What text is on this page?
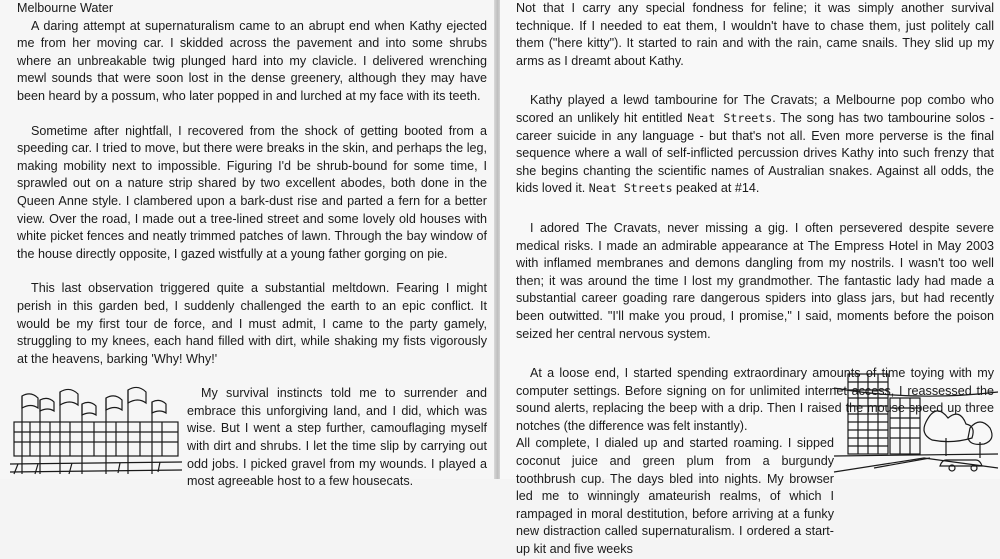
Melbourne Water

A daring attempt at supernaturalism came to an abrupt end when Kathy ejected me from her moving car. I skidded across the pavement and into some shrubs where an unbreakable twig plunged hard into my clavicle. I delivered wrenching mewl sounds that were soon lost in the dense greenery, although they may have been heard by a possum, who later popped in and lurched at my face with its teeth.

Sometime after nightfall, I recovered from the shock of getting booted from a speeding car. I tried to move, but there were breaks in the skin, and perhaps the leg, making mobility next to impossible. Figuring I'd be shrub-bound for some time, I sprawled out on a nature strip shared by two excellent abodes, both done in the Queen Anne style. I clambered upon a bark-dust rise and parted a fern for a better view. Over the road, I made out a tree-lined street and some lovely old houses with white picket fences and neatly trimmed patches of lawn. Through the bay window of the house directly opposite, I gazed wistfully at a young father gorging on pie.

This last observation triggered quite a substantial meltdown. Fearing I might perish in this garden bed, I suddenly challenged the earth to an epic conflict. It would be my first tour de force, and I must admit, I came to the party gamely, struggling to my knees, each hand filled with dirt, while shaking my fists vigorously at the heavens, barking 'Why! Why!'

My survival instincts told me to surrender and embrace this unforgiving land, and I did, which was wise. But I went a step further, camouflaging myself with dirt and shrubs. I let the time slip by carrying out odd jobs. I picked gravel from my wounds. I played a most agreeable host to a few housecats.

Not that I carry any special fondness for feline; it was simply another survival technique. If I needed to eat them, I wouldn't have to chase them, just politely call them ("here kitty"). It started to rain and with the rain, came snails. They slid up my arms as I dreamt about Kathy.

Kathy played a lewd tambourine for The Cravats; a Melbourne pop combo who scored an unlikely hit entitled Neat Streets. The song has two tambourine solos - career suicide in any language - but that's not all. Even more perverse is the final sequence where a wall of self-inflicted percussion drives Kathy into such frenzy that she begins chanting the scientific names of Australian snakes. Against all odds, the kids loved it. Neat Streets peaked at #14.

I adored The Cravats, never missing a gig. I often persevered despite severe medical risks. I made an admirable appearance at The Empress Hotel in May 2003 with inflamed membranes and demons dangling from my nostrils. I wasn't too well then; it was around the time I lost my grandmother. The fantastic lady had made a substantial career goading rare dangerous spiders into glass jars, but had recently been outwitted. "I'll make you proud, I promise," I said, moments before the poison seized her central nervous system.

At a loose end, I started spending extraordinary amounts of time toying with my computer settings. Before signing on for unlimited internet access, I reassessed the sound alerts, replacing the beep with a drip. Then I raised the mouse speed up three notches (the difference was felt instantly).

All complete, I dialed up and started roaming. I sipped coconut juice and green plum from a burgundy toothbrush cup. The days bled into nights. My browser led me to winningly amateurish realms, of which I rampaged in moral destitution, before arriving at a funky new distraction called supernaturalism. I ordered a start-up kit and five weeks
